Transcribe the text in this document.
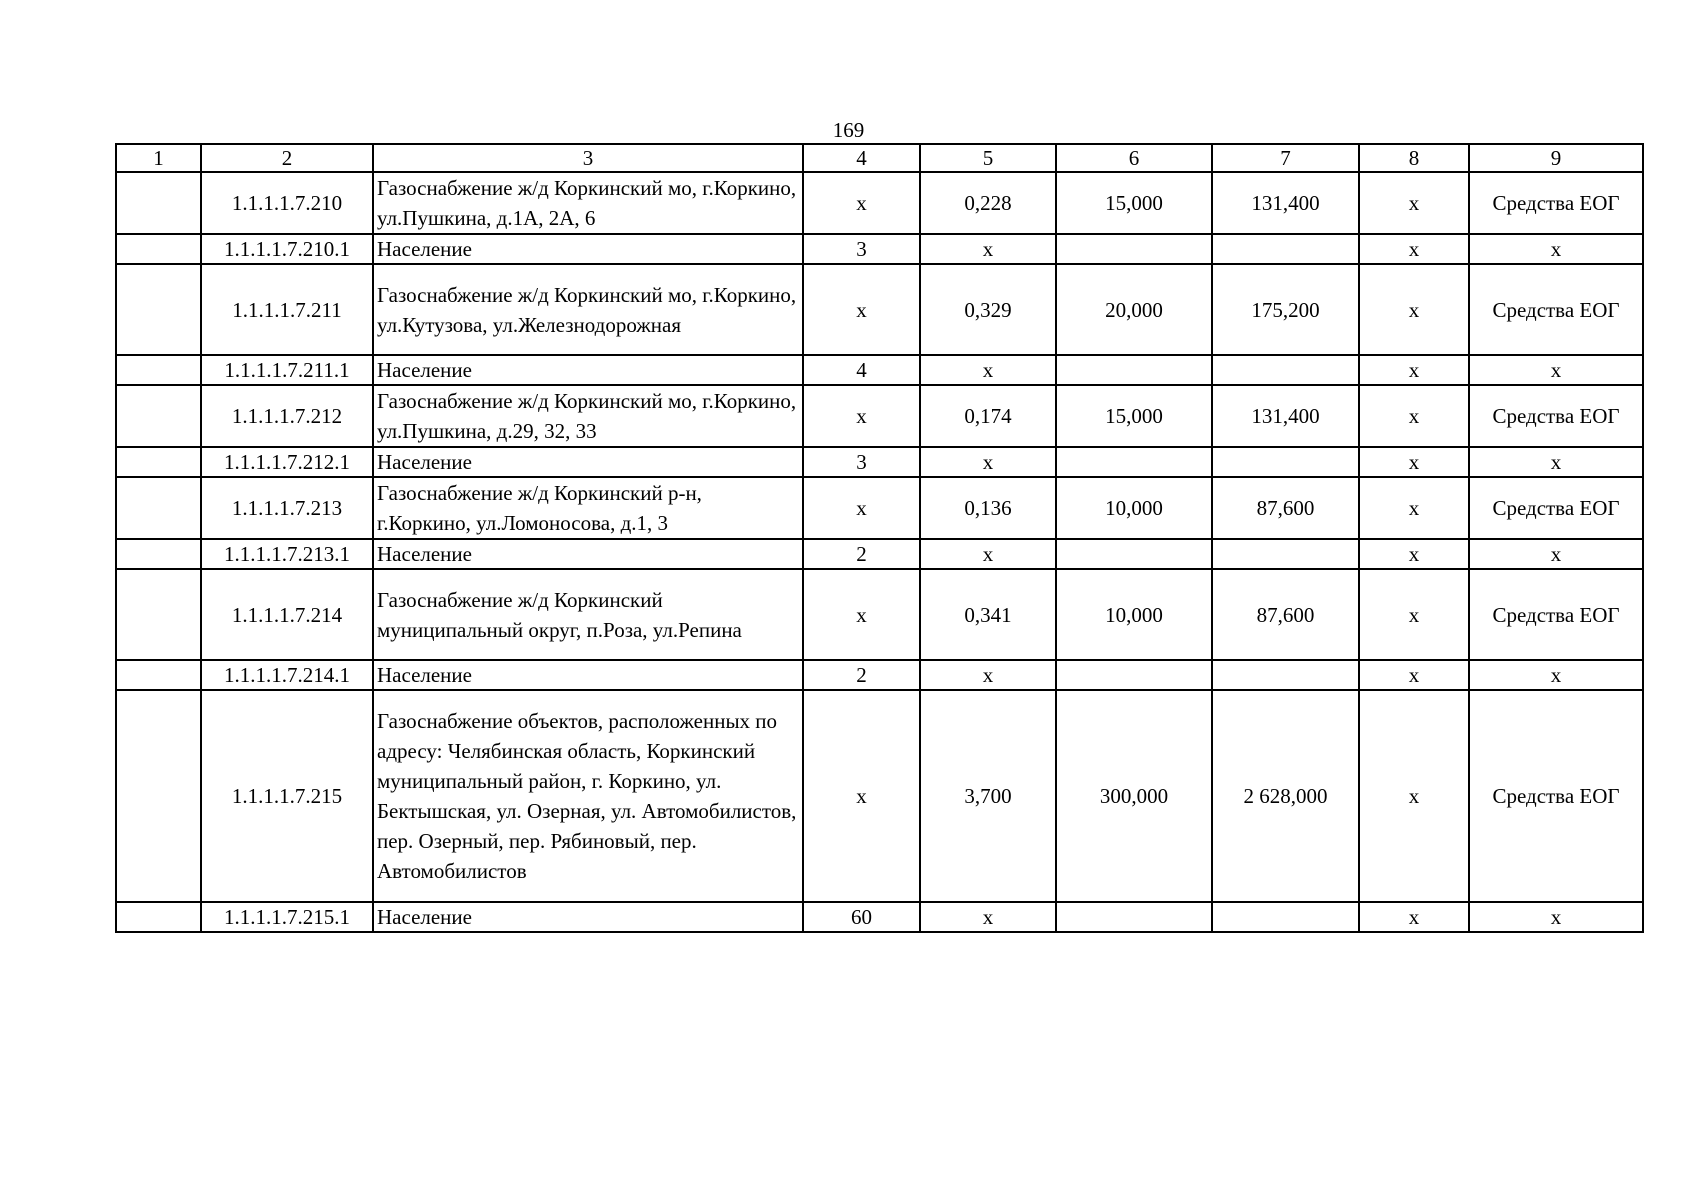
169
1	2	3	4	5	6	7	8	9
	1.1.1.1.7.210	Газоснабжение ж/д Коркинский мо, г.Коркино, ул.Пушкина, д.1А, 2А, 6	х	0,228	15,000	131,400	х	Средства ЕОГ
	1.1.1.1.7.210.1	Население	3	х			х	х
	1.1.1.1.7.211	Газоснабжение ж/д Коркинский мо, г.Коркино, ул.Кутузова, ул.Железнодорожная	х	0,329	20,000	175,200	х	Средства ЕОГ
	1.1.1.1.7.211.1	Население	4	х			х	х
	1.1.1.1.7.212	Газоснабжение ж/д Коркинский мо, г.Коркино, ул.Пушкина, д.29, 32, 33	х	0,174	15,000	131,400	х	Средства ЕОГ
	1.1.1.1.7.212.1	Население	3	х			х	х
	1.1.1.1.7.213	Газоснабжение ж/д Коркинский р-н, г.Коркино, ул.Ломоносова, д.1, 3	х	0,136	10,000	87,600	х	Средства ЕОГ
	1.1.1.1.7.213.1	Население	2	х			х	х
	1.1.1.1.7.214	Газоснабжение ж/д Коркинский муниципальный округ, п.Роза, ул.Репина	х	0,341	10,000	87,600	х	Средства ЕОГ
	1.1.1.1.7.214.1	Население	2	х			х	х
	1.1.1.1.7.215	Газоснабжение объектов, расположенных по адресу: Челябинская область, Коркинский муниципальный район, г. Коркино, ул. Бектышская, ул. Озерная, ул. Автомобилистов, пер. Озерный, пер. Рябиновый, пер. Автомобилистов	х	3,700	300,000	2 628,000	х	Средства ЕОГ
	1.1.1.1.7.215.1	Население	60	х			х	х
